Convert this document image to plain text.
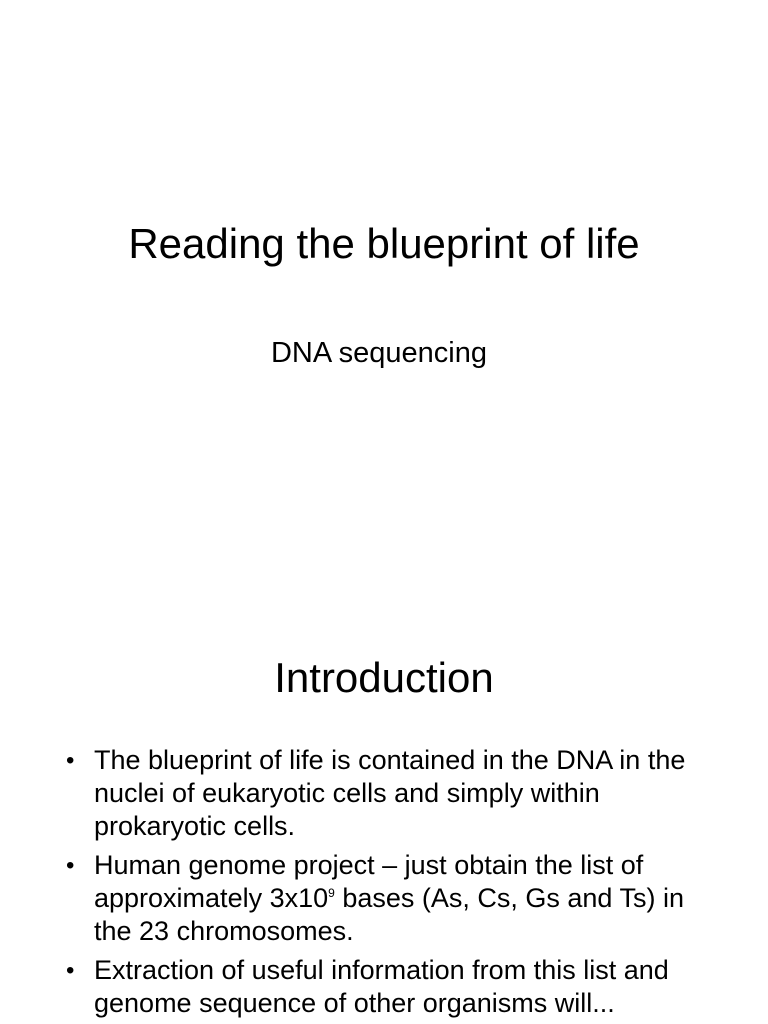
Reading the blueprint of life
DNA sequencing
Introduction
• The blueprint of life is contained in the DNA in the nuclei of eukaryotic cells and simply within prokaryotic cells.
• Human genome project – just obtain the list of approximately $3x10^9$ bases (As, Cs, Gs and Ts) in the 23 chromosomes.
• Extraction of useful information from this list and genome sequence of other organisms will...
